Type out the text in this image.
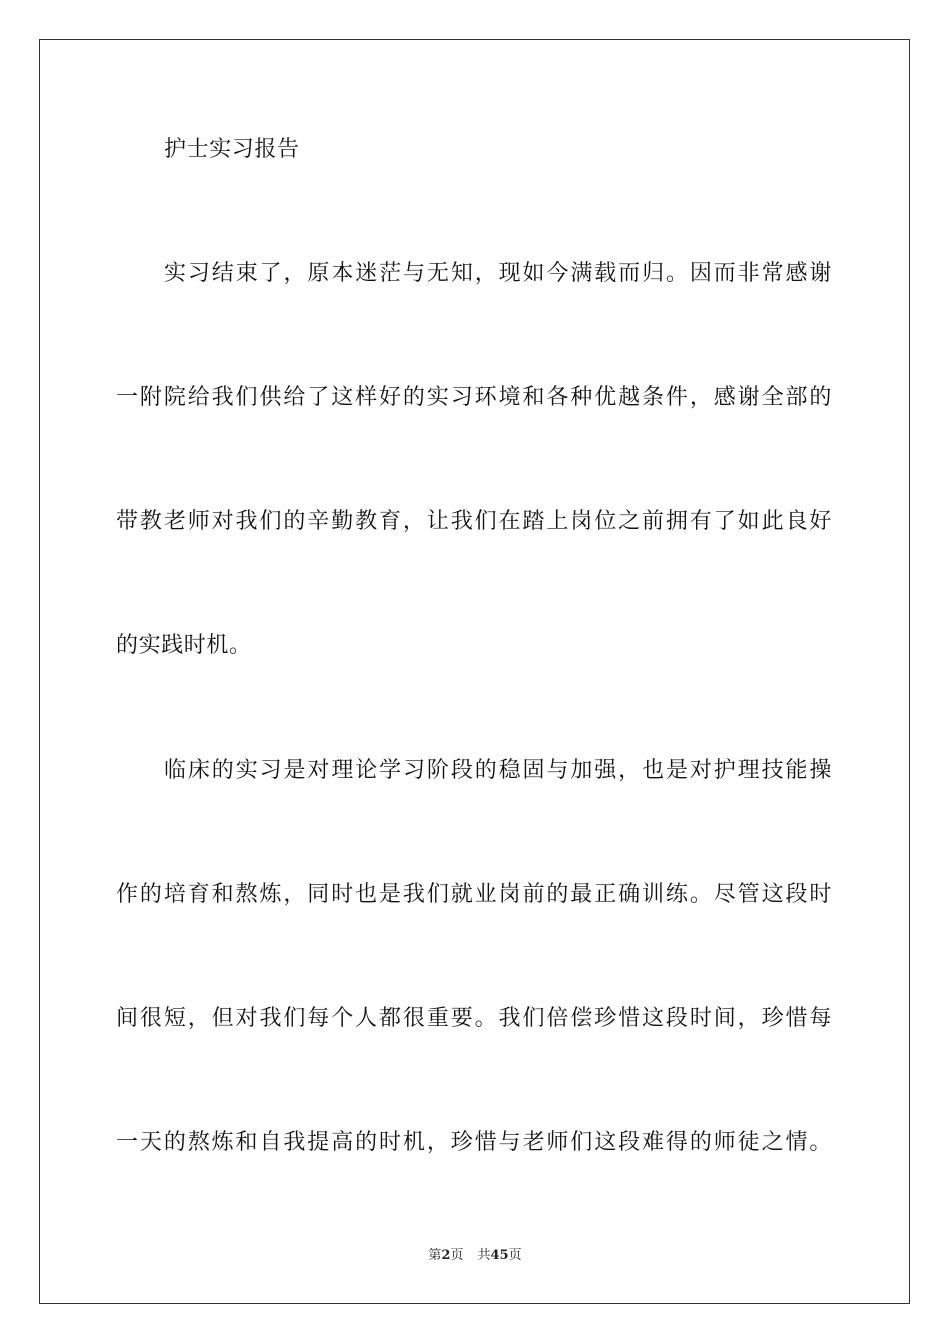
护士实习报告
实习结束了，原本迷茫与无知，现如今满载而归。因而非常感谢
一附院给我们供给了这样好的实习环境和各种优越条件，感谢全部的
带教老师对我们的辛勤教育，让我们在踏上岗位之前拥有了如此良好
的实践时机。
临床的实习是对理论学习阶段的稳固与加强，也是对护理技能操
作的培育和熬炼，同时也是我们就业岗前的最正确训练。尽管这段时
间很短，但对我们每个人都很重要。我们倍偿珍惜这段时间，珍惜每
一天的熬炼和自我提高的时机，珍惜与老师们这段难得的师徒之情。
第2页 共45页
